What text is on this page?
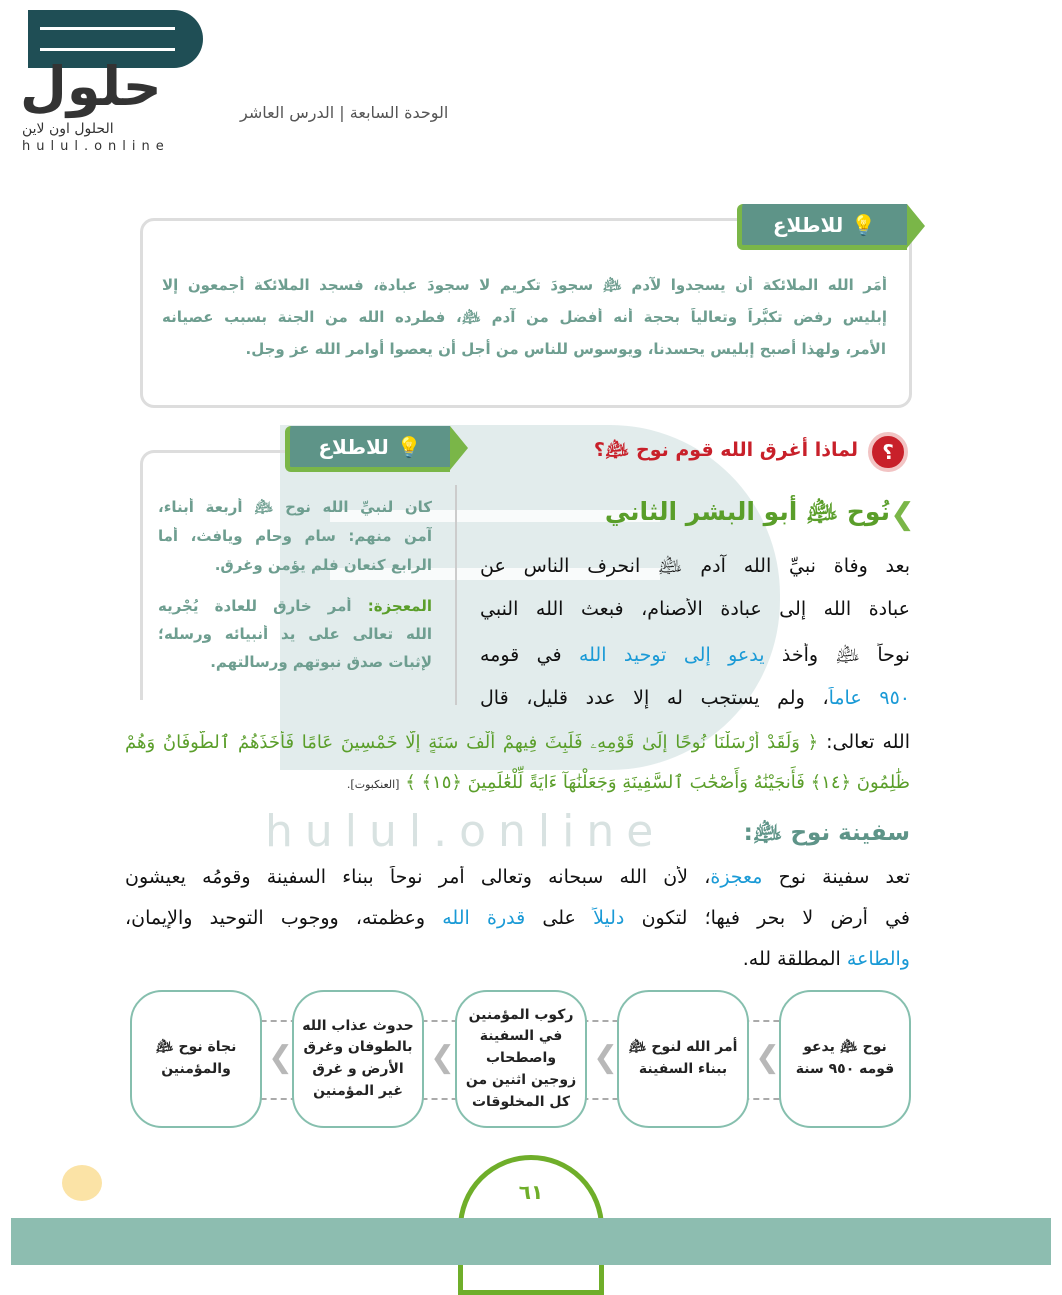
حلول
الحلول اون لاين
hulul.online
الوحدة السابعة | الدرس العاشر
💡
للاطلاع
أَمَر الله الملائكة أن يسجدوا لآدم ﵇ سجودَ تكريم لا سجودَ عبادة، فسجد الملائكة أجمعون إلا
إبليس رفض تكبُّراً وتعالياً بحجة أنه أفضل من آدم ﵇، فطرده الله من الجنة بسبب عصيانه
الأمر، ولهذا أصبح إبليس يحسدنا، ويوسوس للناس من أجل أن يعصوا أوامر الله عز وجل.
؟
لماذا أغرق الله قوم نوح ﵇؟
💡
للاطلاع
كان لنبيِّ الله نوح ﵇ أربعة أبناء،
آمن منهم: سام وحام ويافث، أما
الرابع كنعان فلم يؤمن وغرق.
المعجزة: أمر خارق للعادة يُجْريه
الله تعالى على يد أنبيائه ورسله؛
لإثبات صدق نبوتهم ورسالتهم.
❮
نُوح ﵇ أبو البشر الثاني
بعد وفاة نبيِّ الله آدم ﵇ انحرف الناس عن
عبادة الله إلى عبادة الأصنام، فبعث الله النبي
نوحاً ﵇ وأخذ يدعو إلى توحيد الله في قومه
٩٥٠ عاماً، ولم يستجب له إلا عدد قليل، قال
الله تعالى: ﴿ وَلَقَدْ أَرْسَلْنَا نُوحًا إِلَىٰ قَوْمِهِۦ فَلَبِثَ فِيهِمْ أَلْفَ سَنَةٍ إِلَّا خَمْسِينَ عَامًا فَأَخَذَهُمُ ٱلطُّوفَانُ وَهُمْ
ظَٰلِمُونَ ﴿١٤﴾ فَأَنجَيْنَٰهُ وَأَصْحَٰبَ ٱلسَّفِينَةِ وَجَعَلْنَٰهَآ ءَايَةً لِّلْعَٰلَمِينَ ﴿١٥﴾ ﴾ [العنكبوت].
hulul.online	سفينة نوح ﵇:
تعد سفينة نوح معجزة، لأن الله سبحانه وتعالى أمر نوحاً ببناء السفينة وقومُه يعيشون
في أرض لا بحر فيها؛ لتكون دليلاً على قدرة الله وعظمته، ووجوب التوحيد والإيمان،
والطاعة المطلقة لله.
نوح ﵇ يدعو قومه ٩٥٠ سنة
أمر الله لنوح ﵇ ببناء السفينة
ركوب المؤمنين في السفينة واصطحاب زوجين اثنين من كل المخلوقات
حدوث عذاب الله بالطوفان وغرق الأرض و غرق غير المؤمنين
نجاة نوح ﵇ والمؤمنين	❮
❮
❮
❮
٦١
